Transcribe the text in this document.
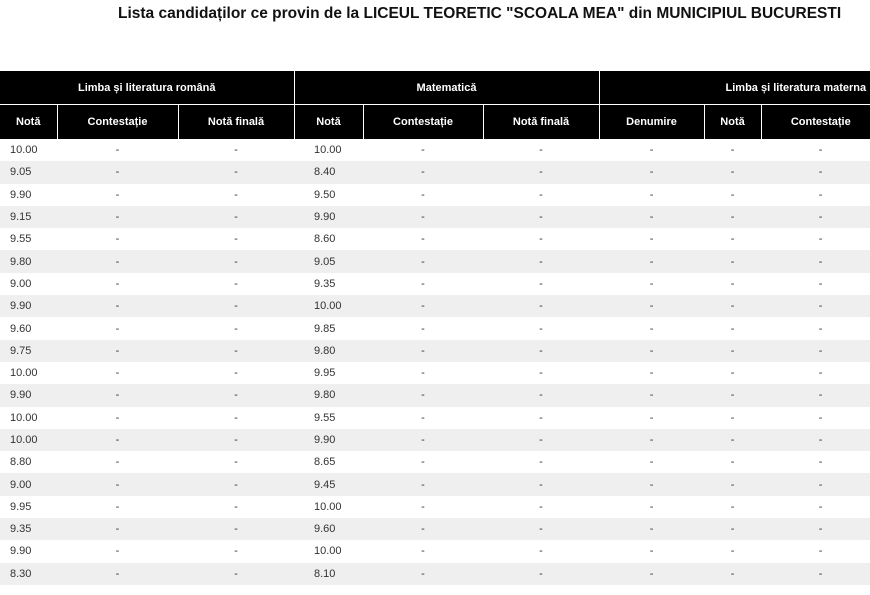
Lista candidaților ce provin de la LICEUL TEORETIC "SCOALA MEA" din MUNICIPIUL BUCURESTI
Limba și literatura română			Matematică			Limba și literatura materna		
Notă	Contestație	Notă finală	Notă	Contestație	Notă finală	Denumire	Notă	Contestație
10.00	-	-	10.00	-	-	-	-	-
9.05	-	-	8.40	-	-	-	-	-
9.90	-	-	9.50	-	-	-	-	-
9.15	-	-	9.90	-	-	-	-	-
9.55	-	-	8.60	-	-	-	-	-
9.80	-	-	9.05	-	-	-	-	-
9.00	-	-	9.35	-	-	-	-	-
9.90	-	-	10.00	-	-	-	-	-
9.60	-	-	9.85	-	-	-	-	-
9.75	-	-	9.80	-	-	-	-	-
10.00	-	-	9.95	-	-	-	-	-
9.90	-	-	9.80	-	-	-	-	-
10.00	-	-	9.55	-	-	-	-	-
10.00	-	-	9.90	-	-	-	-	-
8.80	-	-	8.65	-	-	-	-	-
9.00	-	-	9.45	-	-	-	-	-
9.95	-	-	10.00	-	-	-	-	-
9.35	-	-	9.60	-	-	-	-	-
9.90	-	-	10.00	-	-	-	-	-
8.30	-	-	8.10	-	-	-	-	-
